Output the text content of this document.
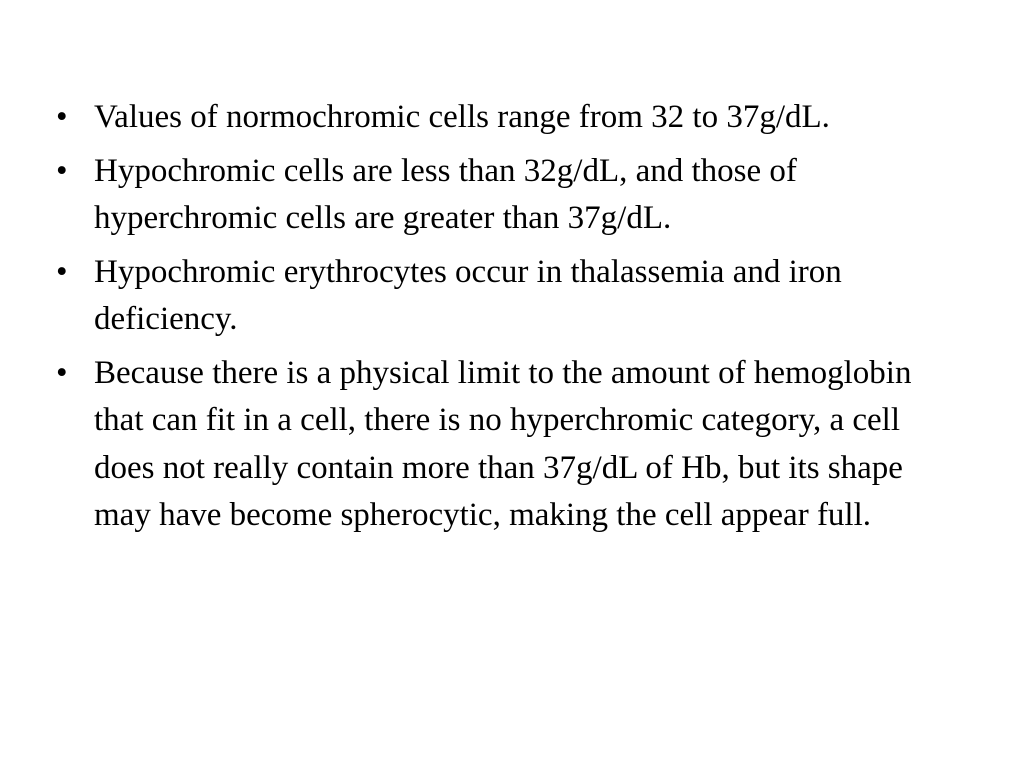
• Values of normochromic cells range from 32 to 37g/dL.
• Hypochromic cells are less than 32g/dL, and those of hyperchromic cells are greater than 37g/dL.
• Hypochromic erythrocytes occur in thalassemia and iron deficiency.
• Because there is a physical limit to the amount of hemoglobin that can fit in a cell, there is no hyperchromic category, a cell does not really contain more than 37g/dL of Hb, but its shape may have become spherocytic, making the cell appear full.
